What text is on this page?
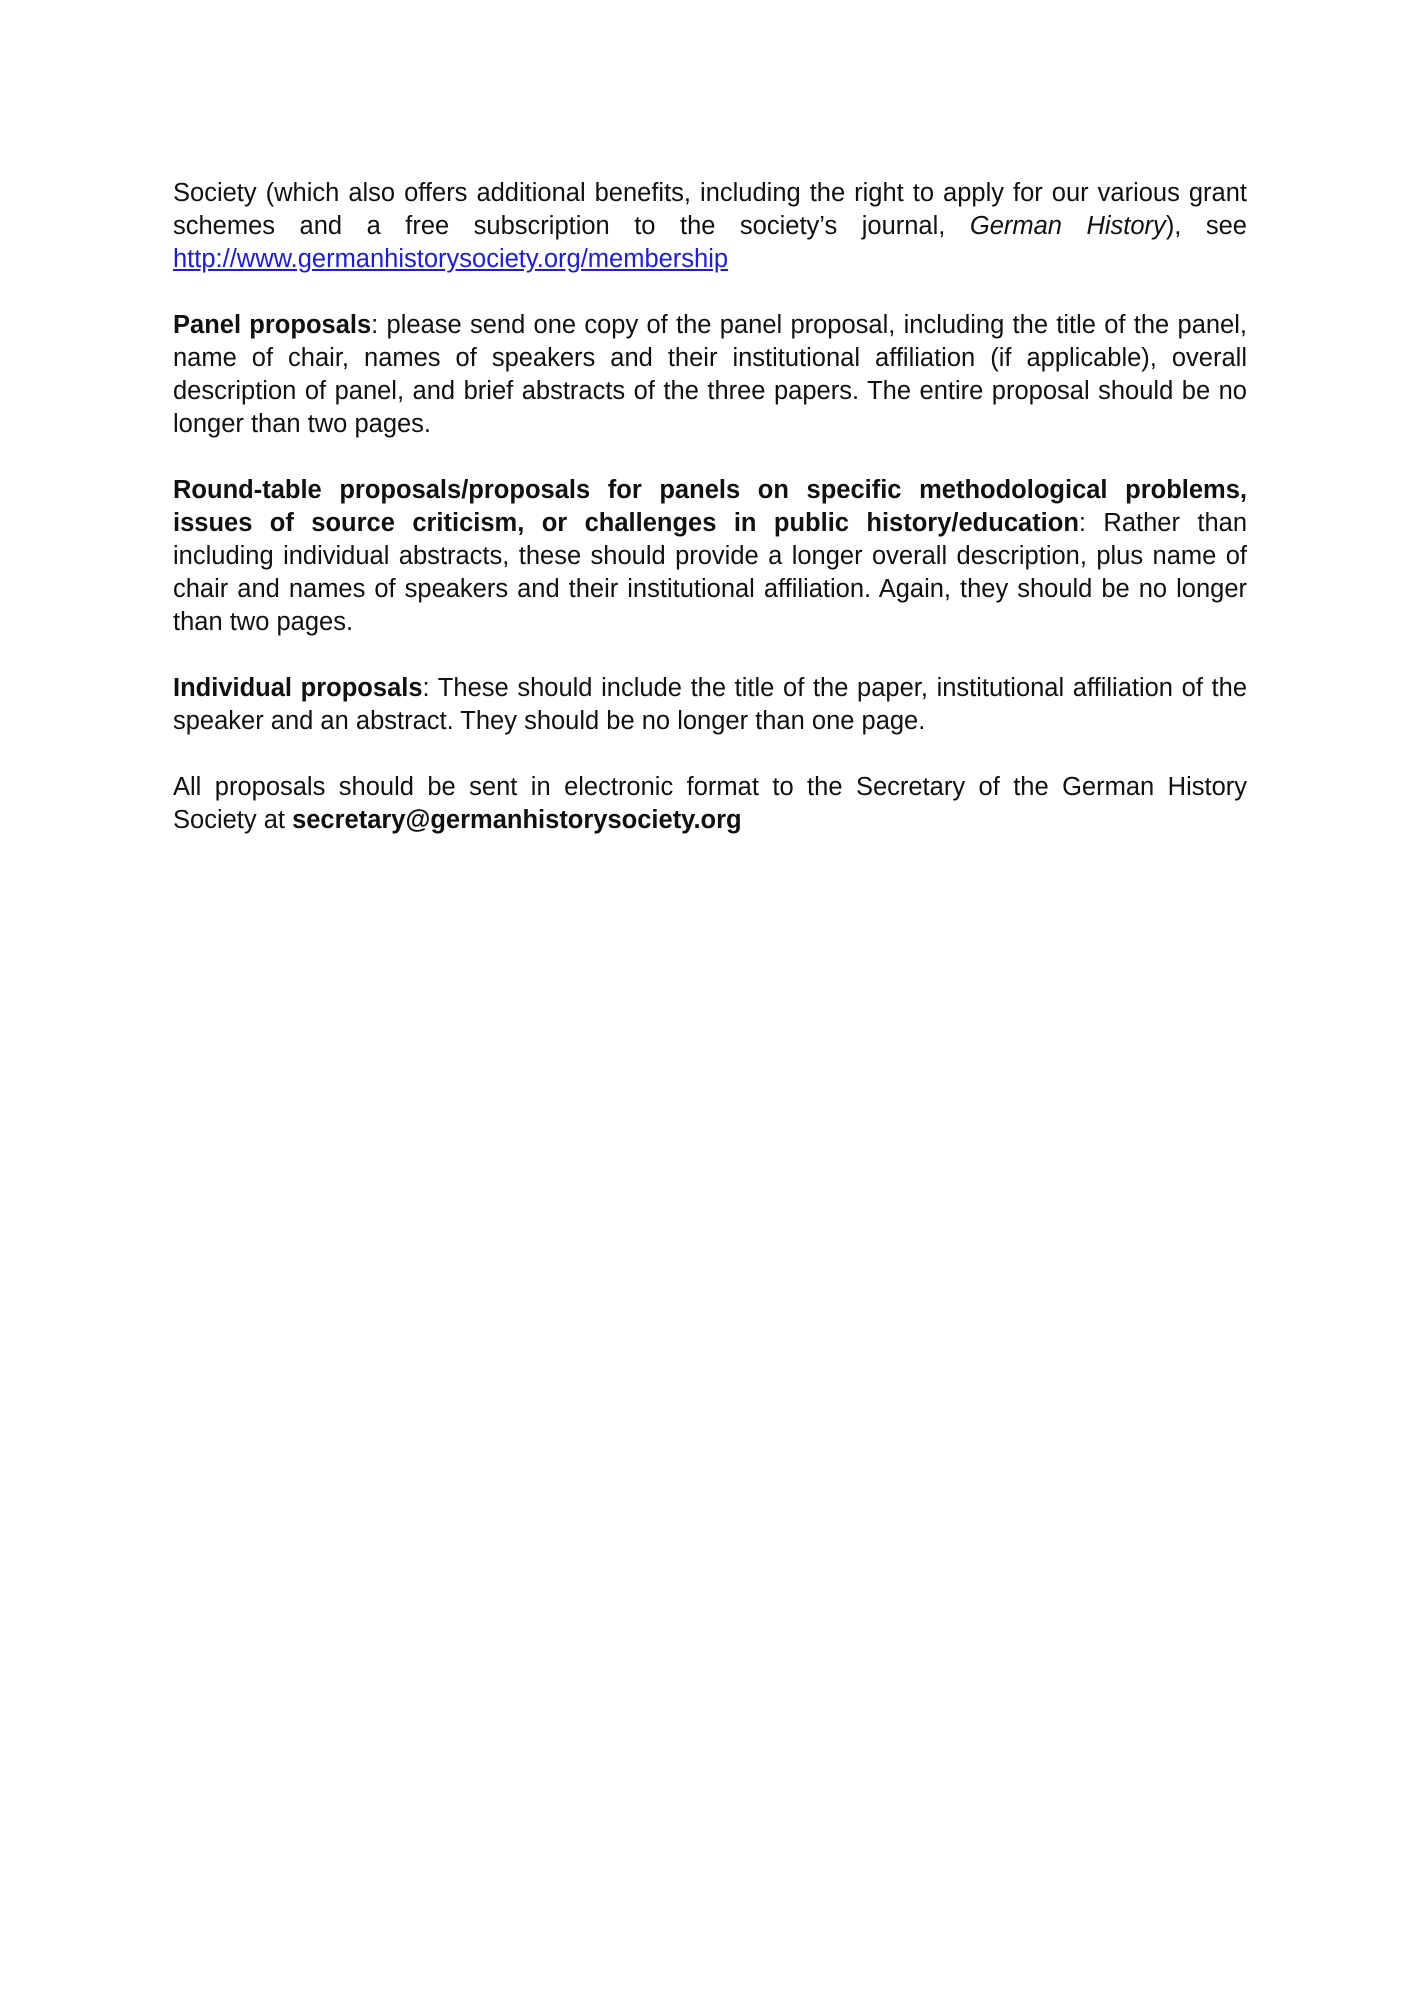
Society (which also offers additional benefits, including the right to apply for our various grant schemes and a free subscription to the society’s journal, German History), see http://www.germanhistorysociety.org/membership

Panel proposals: please send one copy of the panel proposal, including the title of the panel, name of chair, names of speakers and their institutional affiliation (if applicable), overall description of panel, and brief abstracts of the three papers. The entire proposal should be no longer than two pages.

Round-table proposals/proposals for panels on specific methodological problems, issues of source criticism, or challenges in public history/education: Rather than including individual abstracts, these should provide a longer overall description, plus name of chair and names of speakers and their institutional affiliation. Again, they should be no longer than two pages.

Individual proposals: These should include the title of the paper, institutional affiliation of the speaker and an abstract. They should be no longer than one page.

All proposals should be sent in electronic format to the Secretary of the German History Society at secretary@germanhistorysociety.org
